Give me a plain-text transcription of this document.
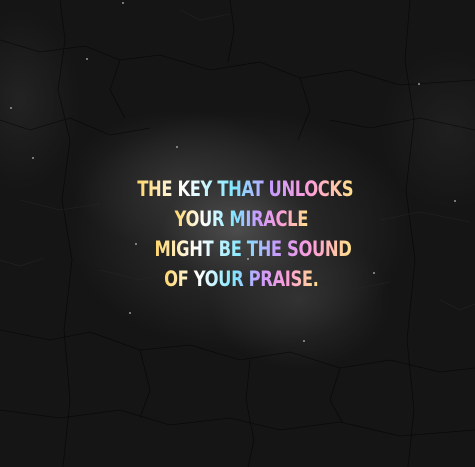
THE KEY THAT UNLOCKS
YOUR MIRACLE
MIGHT BE THE SOUND
OF YOUR PRAISE.
